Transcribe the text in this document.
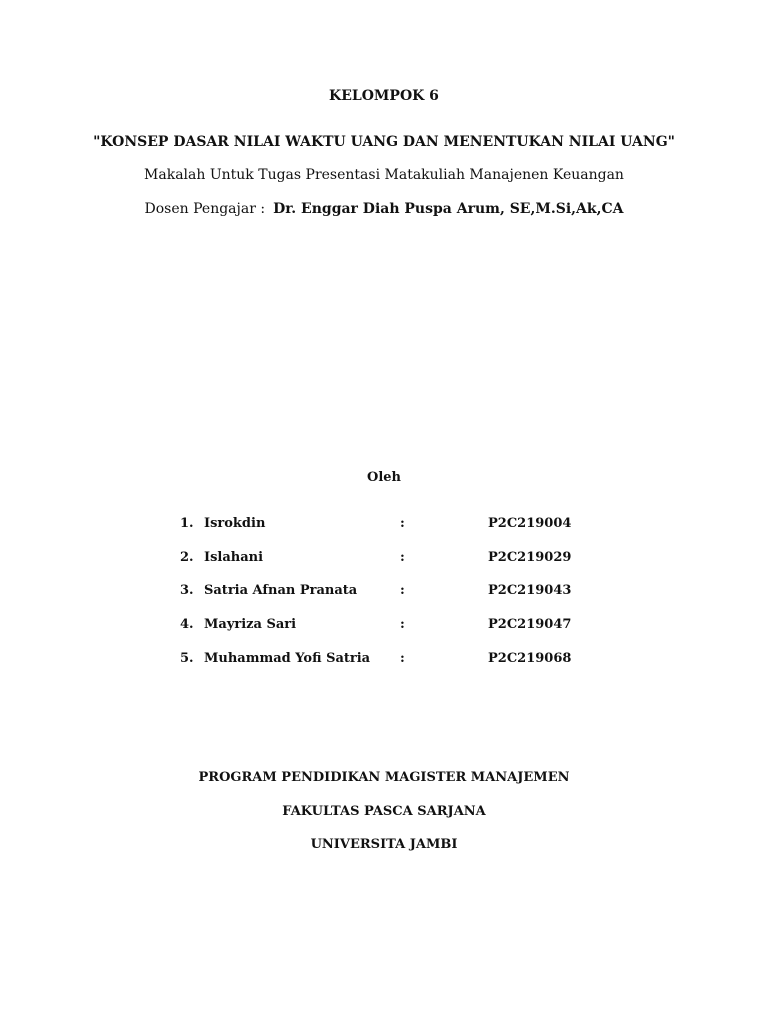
KELOMPOK 6
"KONSEP DASAR NILAI WAKTU UANG DAN MENENTUKAN NILAI UANG"
Makalah Untuk Tugas Presentasi Matakuliah Manajenen Keuangan
Dosen Pengajar : Dr. Enggar Diah Puspa Arum, SE,M.Si,Ak,CA
Oleh
1. Isrokdin	:	P2C219004
2. Islahani	:	P2C219029
3. Satria Afnan Pranata	:	P2C219043
4. Mayriza Sari	:	P2C219047
5. Muhammad Yofi Satria :	P2C219068
PROGRAM PENDIDIKAN MAGISTER MANAJEMEN
FAKULTAS PASCA SARJANA
UNIVERSITA JAMBI
